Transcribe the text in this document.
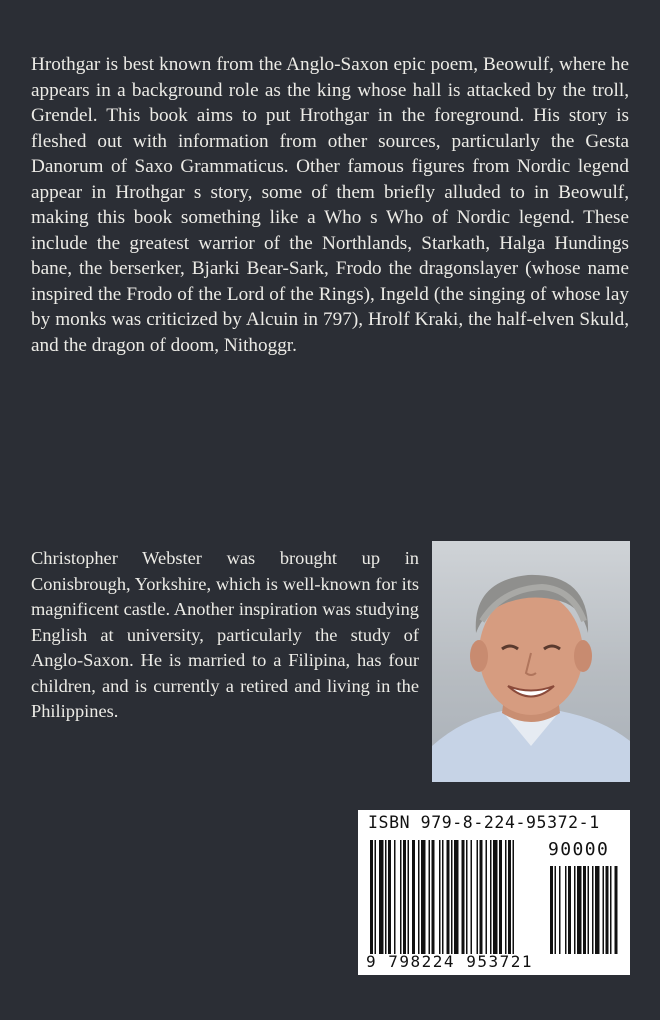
Hrothgar is best known from the Anglo-Saxon epic poem, Beowulf, where he appears in a background role as the king whose hall is attacked by the troll, Grendel. This book aims to put Hrothgar in the foreground. His story is fleshed out with information from other sources, particularly the Gesta Danorum of Saxo Grammaticus. Other famous figures from Nordic legend appear in Hrothgar s story, some of them briefly alluded to in Beowulf, making this book something like a Who s Who of Nordic legend. These include the greatest warrior of the Northlands, Starkath, Halga Hundings bane, the berserker, Bjarki Bear-Sark, Frodo the dragonslayer (whose name inspired the Frodo of the Lord of the Rings), Ingeld (the singing of whose lay by monks was criticized by Alcuin in 797), Hrolf Kraki, the half-elven Skuld, and the dragon of doom, Nithoggr.

Christopher Webster was brought up in Conisbrough, Yorkshire, which is well-known for its magnificent castle. Another inspiration was studying English at university, particularly the study of Anglo-Saxon. He is married to a Filipina, has four children, and is currently a retired and living in the Philippines.

ISBN 979-8-224-95372-1
90000
9 798224 953721
